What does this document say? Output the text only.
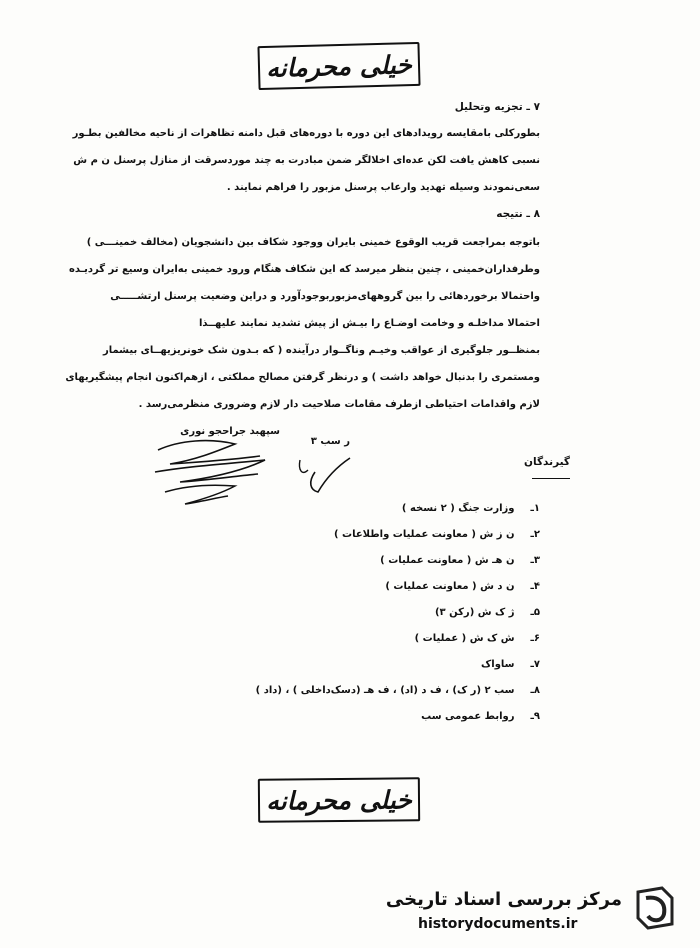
خیلی محرمانه
۷ ـ تجزیه وتحلیل

بطورکلی بامقایسه رویدادهای این دوره با دوره‌های قبل دامنه تظاهرات از ناحیه مخالفین بطـور
نسبی کاهش یافت لکن عده‌ای اخلالگر ضمن مبادرت به چند موردسرقت از منازل پرسنل ن م ش
سعی‌نمودند وسیله تهدید وارعاب پرسنل مزبور را فراهم نمایند .

۸ ـ نتیجه

باتوجه بمراجعت قریب الوقوع خمینی بایران ووجود شکاف بین دانشجویان (مخالف خمینـــی )
وطرفداران‌خمینی ، چنین بنظر میرسد که این شکاف هنگام ورود خمینی به‌ایران وسیع تر گردیـده
واحتمالا برخوردهائی را بین گروههای‌مزبوربوجودآورد و دراین وضعیت پرسنل ارتشـــــی
احتمالا مداخلـه و وخامت اوضـاع را بیـش از پیش تشدید نمایند علیهــذا
بمنظــور جلوگیری از عواقب وخیـم وناگــوار درآینده ( که بـدون شک خونریزیهــای بیشمار
ومستمری را بدنبال خواهد داشت ) و درنظر گرفتن مصالح مملکتی ، ازهم‌اکنون انجام پیشگیریهای
لازم واقدامات احتیاطی ازطرف مقامات صلاحیت دار لازم وضروری منظرمی‌رسد .

ر سب ۳
سپهبد جراحجو نوری
گیرندگان
۱ـ وزارت جنگ ( ۲ نسخه )
۲ـ ن ز ش ( معاونت عملیات واطلاعات )
۳ـ ن هـ ش ( معاونت عملیات )
۴ـ ن د ش ( معاونت عملیات )
۵ـ ژ ک ش (رکن ۳)
۶ـ ش ک ش ( عملیات )
۷ـ ساواک
۸ـ سب ۲ (ر ک) ، ف د (اد) ، ف هـ (دسک‌داخلی ) ، (داد )
۹ـ روابط عمومی سب
خیلی محرمانه
مرکز بررسی اسناد تاریخی
historydocuments.ir
